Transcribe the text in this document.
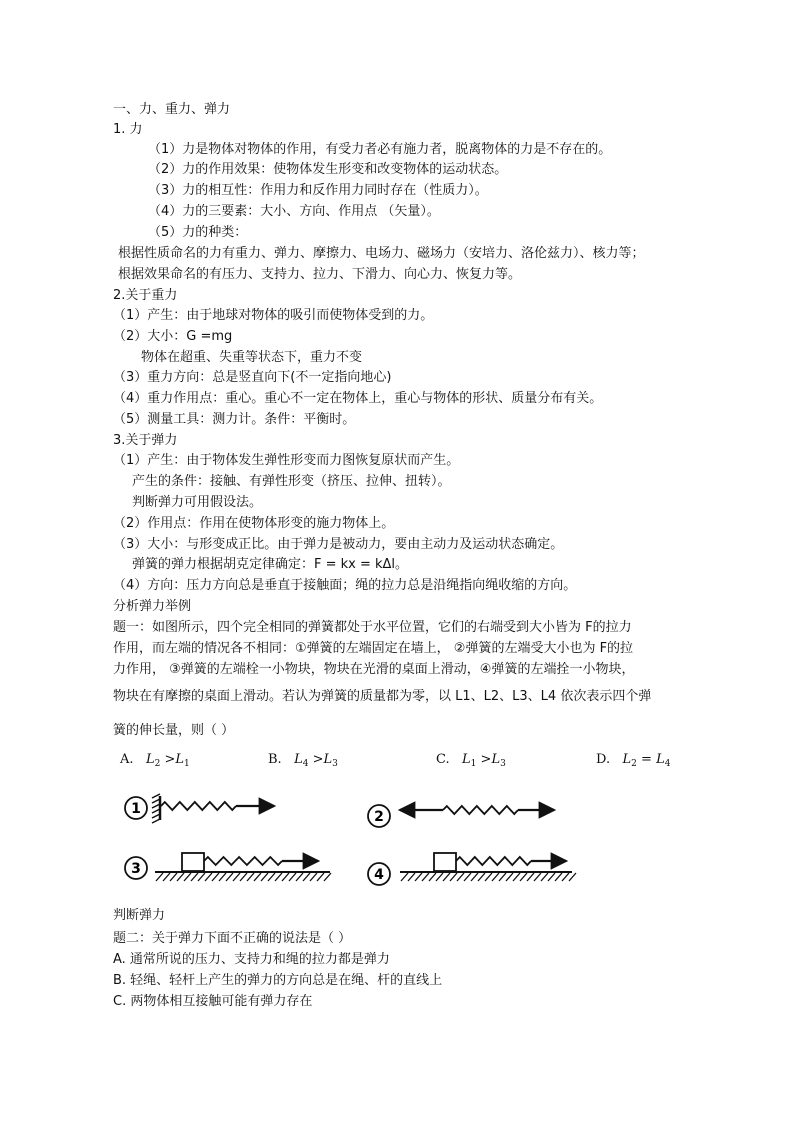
一、力、重力、弹力
1. 力
（1）力是物体对物体的作用，有受力者必有施力者，脱离物体的力是不存在的。
（2）力的作用效果：使物体发生形变和改变物体的运动状态。
（3）力的相互性：作用力和反作用力同时存在（性质力）。
（4）力的三要素：大小、方向、作用点 （矢量）。
（5）力的种类：
根据性质命名的力有重力、弹力、摩擦力、电场力、磁场力（安培力、洛伦兹力）、核力等；
根据效果命名的有压力、支持力、拉力、下滑力、向心力、恢复力等。
2.关于重力
（1）产生：由于地球对物体的吸引而使物体受到的力。
（2）大小：G =mg
物体在超重、失重等状态下，重力不变
（3）重力方向：总是竖直向下(不一定指向地心)
（4）重力作用点：重心。重心不一定在物体上，重心与物体的形状、质量分布有关。
（5）测量工具：测力计。条件：平衡时。
3.关于弹力
（1）产生：由于物体发生弹性形变而力图恢复原状而产生。
产生的条件：接触、有弹性形变（挤压、拉伸、扭转）。
判断弹力可用假设法。
（2）作用点：作用在使物体形变的施力物体上。
（3）大小：与形变成正比。由于弹力是被动力，要由主动力及运动状态确定。
弹簧的弹力根据胡克定律确定：F = kx = kΔl。
（4）方向：压力方向总是垂直于接触面；绳的拉力总是沿绳指向绳收缩的方向。
分析弹力举例
题一：如图所示，四个完全相同的弹簧都处于水平位置，它们的右端受到大小皆为 F的拉力
作用，而左端的情况各不相同：①弹簧的左端固定在墙上， ②弹簧的左端受大小也为 F的拉
力作用， ③弹簧的左端栓一小物块，物块在光滑的桌面上滑动，④弹簧的左端拴一小物块，
物块在有摩擦的桌面上滑动。若认为弹簧的质量都为零，以 L1、L2、L3、L4 依次表示四个弹
簧的伸长量，则（ ）
A. $L_2 >L_1$	B. $L_4 >L_3$	C. $L_1 >L_3$	D. $L_2 = L_4$
1	2
3	4
判断弹力
题二：关于弹力下面不正确的说法是（ ）
A. 通常所说的压力、支持力和绳的拉力都是弹力
B. 轻绳、轻杆上产生的弹力的方向总是在绳、杆的直线上
C. 两物体相互接触可能有弹力存在
